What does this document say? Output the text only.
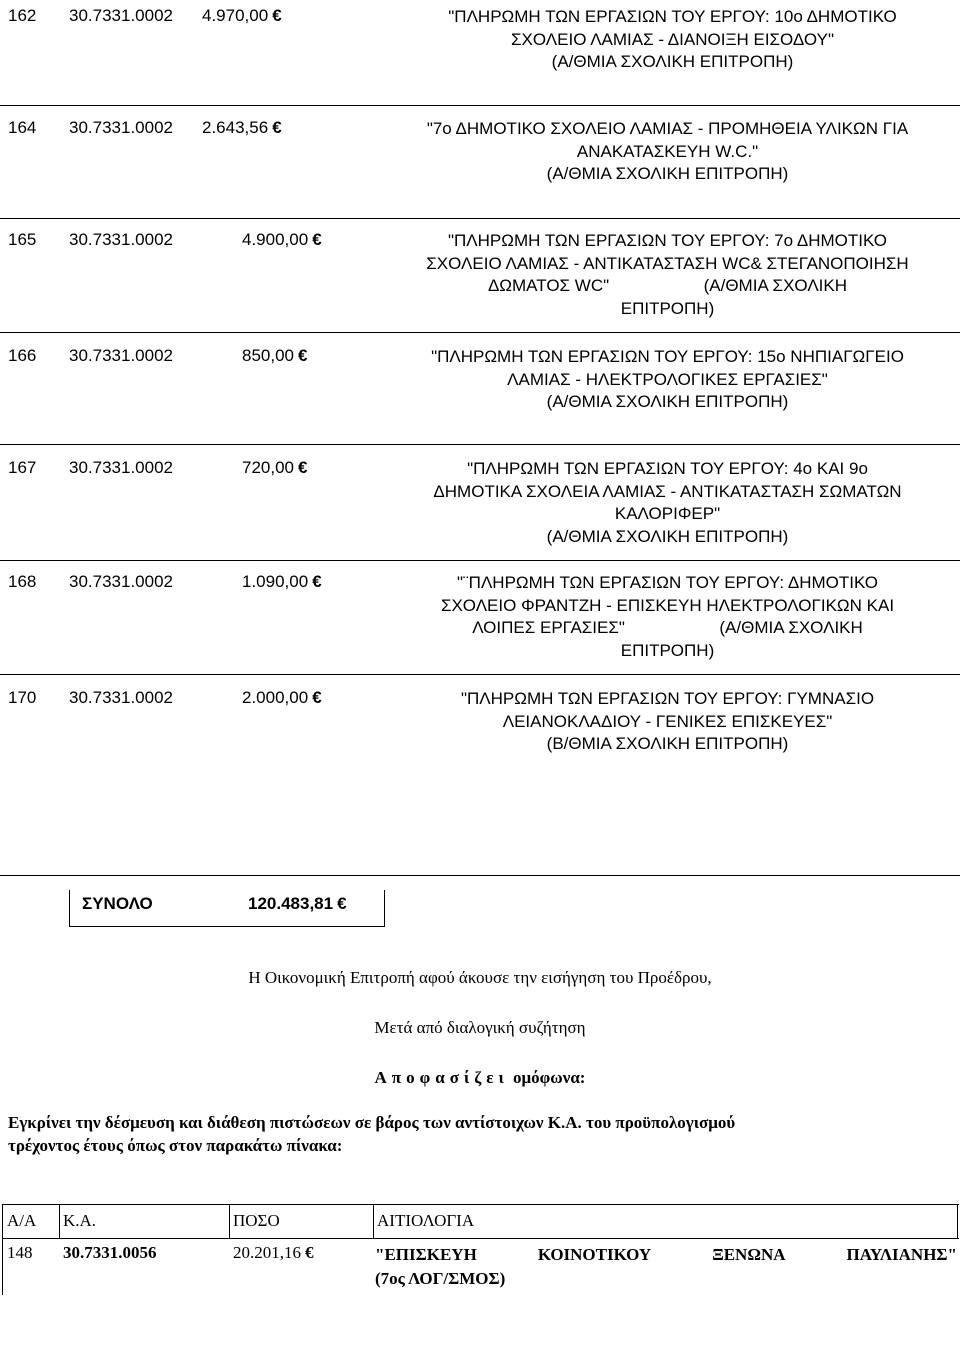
162 30.7331.0002 4.970,00 €	"ΠΛΗΡΩΜΗ ΤΩΝ ΕΡΓΑΣΙΩΝ ΤΟΥ ΕΡΓΟΥ: 10ο ΔΗΜΟΤΙΚΟ
ΣΧΟΛΕΙΟ ΛΑΜΙΑΣ - ΔΙΑΝΟΙΞΗ ΕΙΣΟΔΟΥ"
(Α/ΘΜΙΑ ΣΧΟΛΙΚΗ ΕΠΙΤΡΟΠΗ)
164 30.7331.0002 2.643,56 €	"7ο ΔΗΜΟΤΙΚΟ ΣΧΟΛΕΙΟ ΛΑΜΙΑΣ - ΠΡΟΜΗΘΕΙΑ ΥΛΙΚΩΝ ΓΙΑ
ΑΝΑΚΑΤΑΣΚΕΥΗ W.C."
(Α/ΘΜΙΑ ΣΧΟΛΙΚΗ ΕΠΙΤΡΟΠΗ)
165 30.7331.0002	4.900,00 €	"ΠΛΗΡΩΜΗ ΤΩΝ ΕΡΓΑΣΙΩΝ ΤΟΥ ΕΡΓΟΥ: 7ο ΔΗΜΟΤΙΚΟ
ΣΧΟΛΕΙΟ ΛΑΜΙΑΣ - ΑΝΤΙΚΑΤΑΣΤΑΣΗ WC& ΣΤΕΓΑΝΟΠΟΙΗΣΗ
ΔΩΜΑΤΟΣ WC"                    (Α/ΘΜΙΑ ΣΧΟΛΙΚΗ
ΕΠΙΤΡΟΠΗ)
166 30.7331.0002	850,00 €	"ΠΛΗΡΩΜΗ ΤΩΝ ΕΡΓΑΣΙΩΝ ΤΟΥ ΕΡΓΟΥ: 15ο ΝΗΠΙΑΓΩΓΕΙΟ
ΛΑΜΙΑΣ - ΗΛΕΚΤΡΟΛΟΓΙΚΕΣ ΕΡΓΑΣΙΕΣ"
(Α/ΘΜΙΑ ΣΧΟΛΙΚΗ ΕΠΙΤΡΟΠΗ)
167 30.7331.0002	720,00 €	"ΠΛΗΡΩΜΗ ΤΩΝ ΕΡΓΑΣΙΩΝ ΤΟΥ ΕΡΓΟΥ: 4ο ΚΑΙ 9ο
ΔΗΜΟΤΙΚΑ ΣΧΟΛΕΙΑ ΛΑΜΙΑΣ - ΑΝΤΙΚΑΤΑΣΤΑΣΗ ΣΩΜΑΤΩΝ
ΚΑΛΟΡΙΦΕΡ"
(Α/ΘΜΙΑ ΣΧΟΛΙΚΗ ΕΠΙΤΡΟΠΗ)
168 30.7331.0002	1.090,00 €	"¨ΠΛΗΡΩΜΗ ΤΩΝ ΕΡΓΑΣΙΩΝ ΤΟΥ ΕΡΓΟΥ: ΔΗΜΟΤΙΚΟ
ΣΧΟΛΕΙΟ ΦΡΑΝΤΖΗ - ΕΠΙΣΚΕΥΗ ΗΛΕΚΤΡΟΛΟΓΙΚΩΝ ΚΑΙ
ΛΟΙΠΕΣ ΕΡΓΑΣΙΕΣ"                    (Α/ΘΜΙΑ ΣΧΟΛΙΚΗ
ΕΠΙΤΡΟΠΗ)
170 30.7331.0002	2.000,00 €	"ΠΛΗΡΩΜΗ ΤΩΝ ΕΡΓΑΣΙΩΝ ΤΟΥ ΕΡΓΟΥ: ΓΥΜΝΑΣΙΟ
ΛΕΙΑΝΟΚΛΑΔΙΟΥ - ΓΕΝΙΚΕΣ ΕΠΙΣΚΕΥΕΣ"
(Β/ΘΜΙΑ ΣΧΟΛΙΚΗ ΕΠΙΤΡΟΠΗ)
ΣΥΝΟΛΟ	120.483,81 €
Η Οικονομική Επιτροπή αφού άκουσε την εισήγηση του Προέδρου,
Μετά από διαλογική συζήτηση
Αποφασίζει ομόφωνα:
Εγκρίνει την δέσμευση και διάθεση πιστώσεων σε βάρος των αντίστοιχων Κ.Α. του προϋπολογισμού
τρέχοντος έτους όπως στον παρακάτω πίνακα:
Α/Α Κ.Α.	ΠΟΣΟ	ΑΙΤΙΟΛΟΓΙΑ
148 30.7331.0056	20.201,16 €	"ΕΠΙΣΚΕΥΗ	ΚΟΙΝΟΤΙΚΟΥ	ΞΕΝΩΝΑ	ΠΑΥΛΙΑΝΗΣ"
(7ος ΛΟΓ/ΣΜΟΣ)
